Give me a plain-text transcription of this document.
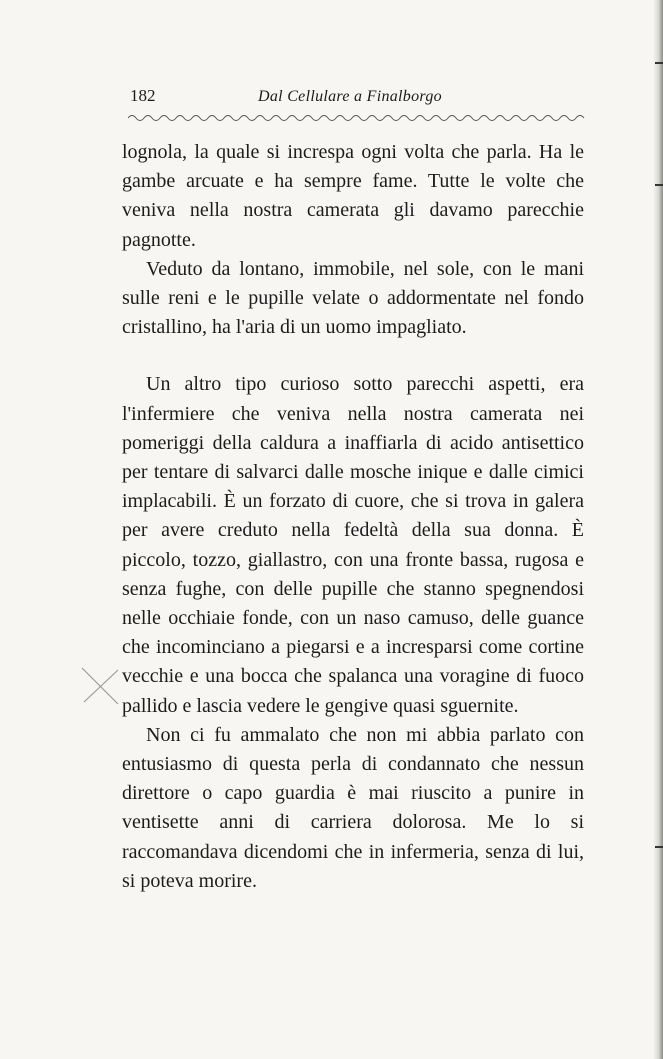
182	Dal Cellulare a Finalborgo

lognola, la quale si increspa ogni volta che parla. Ha le gambe arcuate e ha sempre fame. Tutte le volte che veniva nella nostra camerata gli davamo parecchie pagnotte.

Veduto da lontano, immobile, nel sole, con le mani sulle reni e le pupille velate o addormentate nel fondo cristallino, ha l'aria di un uomo impagliato.

Un altro tipo curioso sotto parecchi aspetti, era l'infermiere che veniva nella nostra camerata nei pomeriggi della caldura a inaffiarla di acido antisettico per tentare di salvarci dalle mosche inique e dalle cimici implacabili. È un forzato di cuore, che si trova in galera per avere creduto nella fedeltà della sua donna. È piccolo, tozzo, giallastro, con una fronte bassa, rugosa e senza fughe, con delle pupille che stanno spegnendosi nelle occhiaie fonde, con un naso camuso, delle guance che incominciano a piegarsi e a incresparsi come cortine vecchie e una bocca che spalanca una voragine di fuoco pallido e lascia vedere le gengive quasi sguernite.

Non ci fu ammalato che non mi abbia parlato con entusiasmo di questa perla di condannato che nessun direttore o capo guardia è mai riuscito a punire in ventisette anni di carriera dolorosa. Me lo si raccomandava dicendomi che in infermeria, senza di lui, si poteva morire.
